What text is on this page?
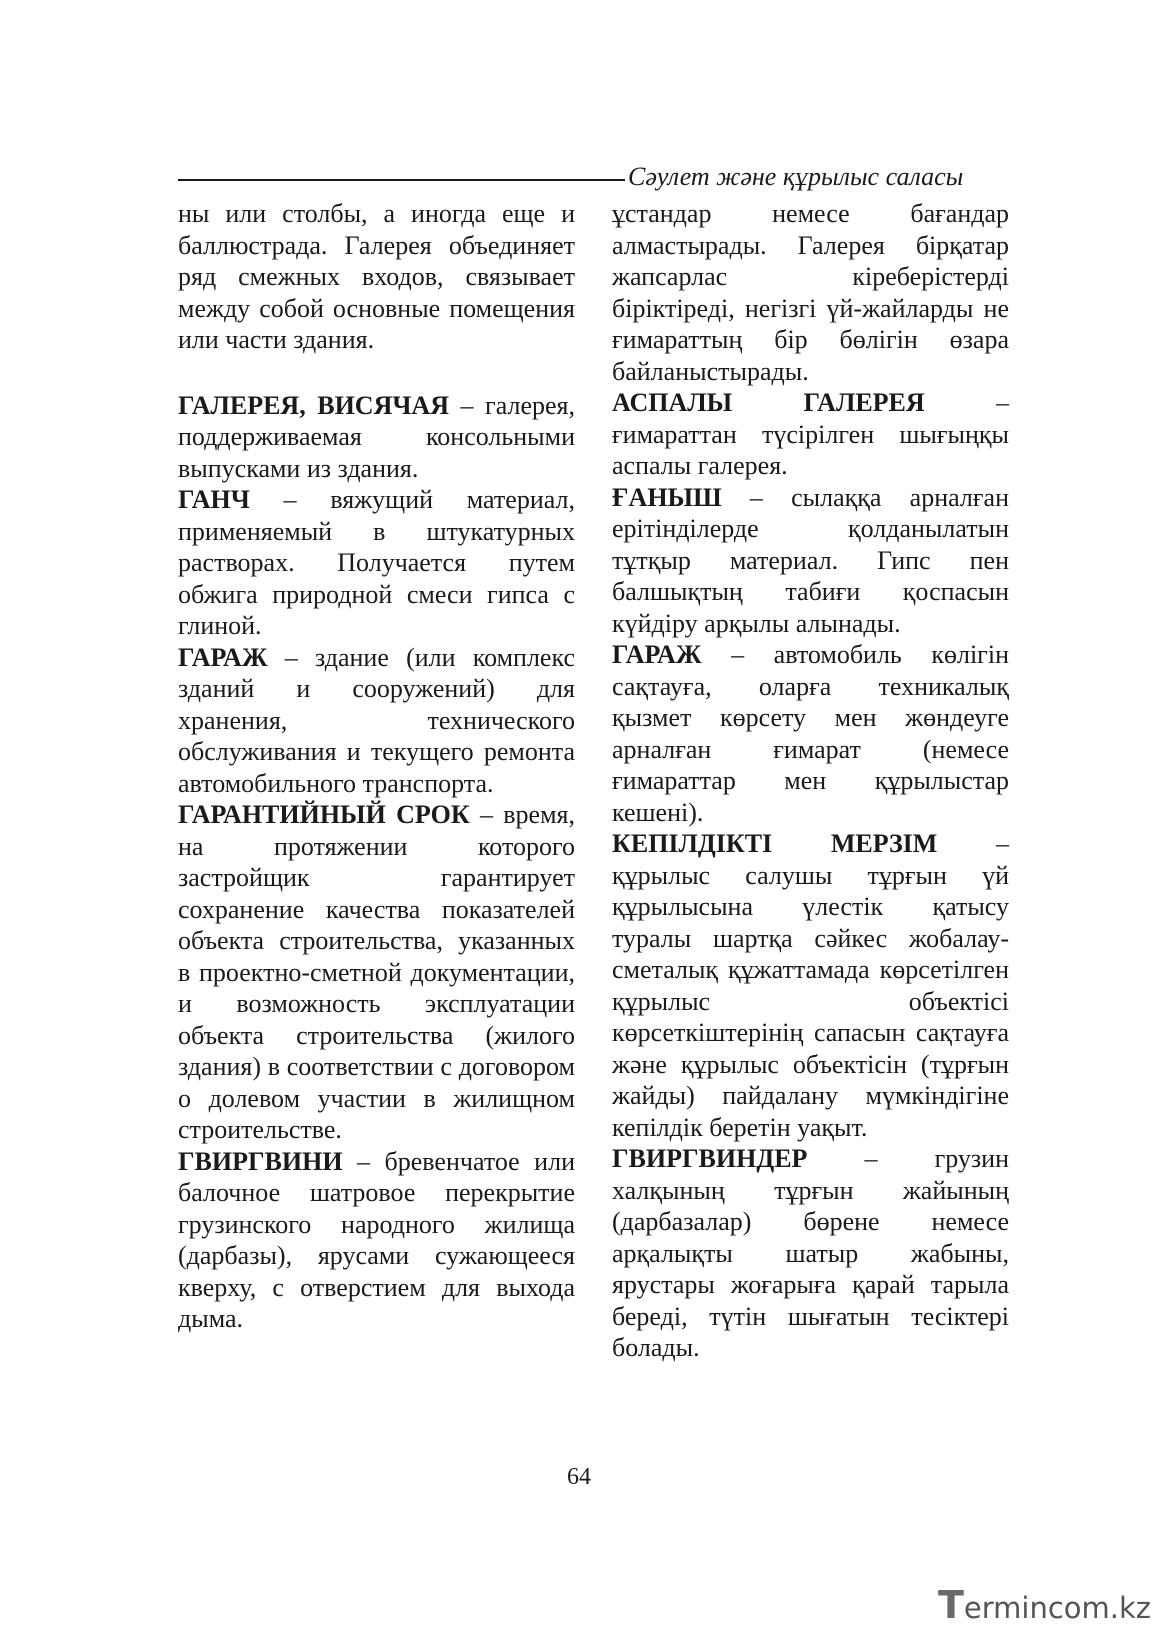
Сәулет және құрылыс саласы

ны или столбы, а иногда еще и баллюстрада. Галерея объединяет ряд смежных входов, связывает между собой основные помещения или части здания.

ГАЛЕРЕЯ, ВИСЯЧАЯ – галерея, поддерживаемая консольными выпусками из здания.

ГАНЧ – вяжущий материал, применяемый в штукатурных растворах. Получается путем обжига природной смеси гипса с глиной.

ГАРАЖ – здание (или комплекс зданий и сооружений) для хранения, технического обслуживания и текущего ремонта автомобильного транспорта.

ГАРАНТИЙНЫЙ СРОК – время, на протяжении которого застройщик гарантирует сохранение качества показателей объекта строительства, указанных в проектно-сметной документации, и возможность эксплуатации объекта строительства (жилого здания) в соответствии с договором о долевом участии в жилищном строительстве.

ГВИРГВИНИ – бревенчатое или балочное шатровое перекрытие грузинского народного жилища (дарбазы), ярусами сужающееся кверху, с отверстием для выхода дыма.

ұстандар немесе бағандар алмастырады. Галерея бірқатар жапсарлас кіреберістерді біріктіреді, негізгі үй-жайларды не ғимараттың бір бөлігін өзара байланыстырады.

АСПАЛЫ ГАЛЕРЕЯ – ғимараттан түсірілген шығыңқы аспалы галерея.

ҒАНЫШ – сылаққа арналған ерітінділерде қолданылатын тұтқыр материал. Гипс пен балшықтың табиғи қоспасын күйдіру арқылы алынады.

ГАРАЖ – автомобиль көлігін сақтауға, оларға техникалық қызмет көрсету мен жөндеуге арналған ғимарат (немесе ғимараттар мен құрылыстар кешені).

КЕПІЛДІКТІ МЕРЗІМ – құрылыс салушы тұрғын үй құрылысына үлестік қатысу туралы шартқа сәйкес жобалау-сметалық құжаттамада көрсетілген құрылыс объектісі көрсеткіштерінің сапасын сақтауға және құрылыс объектісін (тұрғын жайды) пайдалану мүмкіндігіне кепілдік беретін уақыт.

ГВИРГВИНДЕР – грузин халқының тұрғын жайының (дарбазалар) бөрене немесе арқалықты шатыр жабыны, ярустары жоғарыға қарай тарыла береді, түтін шығатын тесіктері болады.

64
Termincom.kz
